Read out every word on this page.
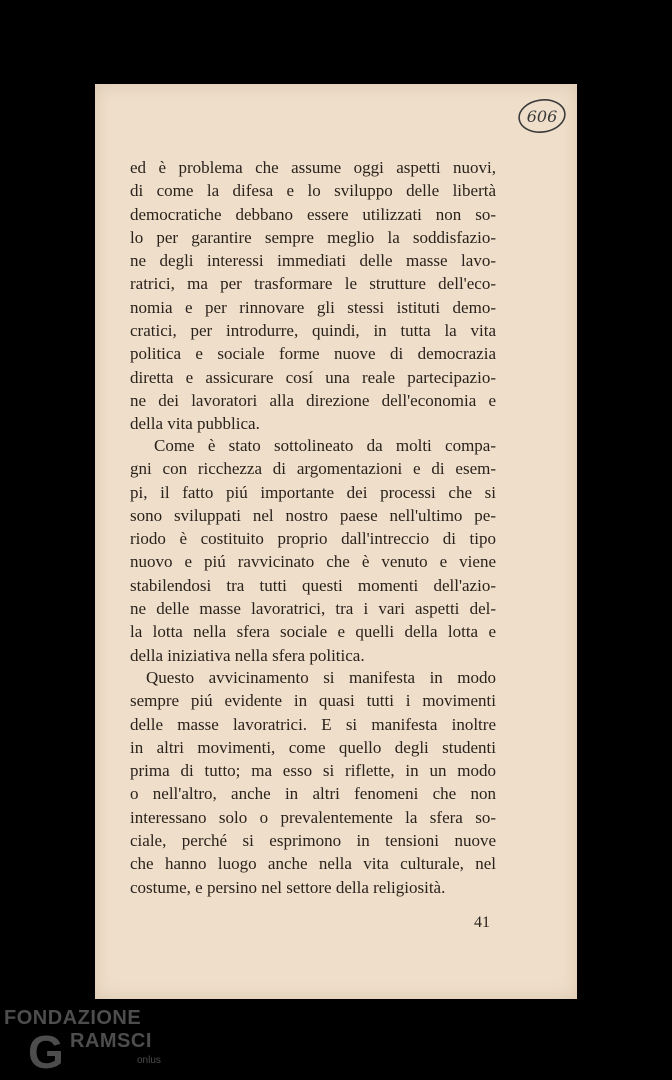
606
ed è problema che assume oggi aspetti nuovi,
di come la difesa e lo sviluppo delle libertà
democratiche debbano essere utilizzati non so-
lo per garantire sempre meglio la soddisfazio-
ne degli interessi immediati delle masse lavo-
ratrici, ma per trasformare le strutture dell'eco-
nomia e per rinnovare gli stessi istituti demo-
cratici, per introdurre, quindi, in tutta la vita
politica e sociale forme nuove di democrazia
diretta e assicurare cosí una reale partecipazio-
ne dei lavoratori alla direzione dell'economia e
della vita pubblica.
Come è stato sottolineato da molti compa-
gni con ricchezza di argomentazioni e di esem-
pi, il fatto piú importante dei processi che si
sono sviluppati nel nostro paese nell'ultimo pe-
riodo è costituito proprio dall'intreccio di tipo
nuovo e piú ravvicinato che è venuto e viene
stabilendosi tra tutti questi momenti dell'azio-
ne delle masse lavoratrici, tra i vari aspetti del-
la lotta nella sfera sociale e quelli della lotta e
della iniziativa nella sfera politica.
Questo avvicinamento si manifesta in modo
sempre piú evidente in quasi tutti i movimenti
delle masse lavoratrici. E si manifesta inoltre
in altri movimenti, come quello degli studenti
prima di tutto; ma esso si riflette, in un modo
o nell'altro, anche in altri fenomeni che non
interessano solo o prevalentemente la sfera so-
ciale, perché si esprimono in tensioni nuove
che hanno luogo anche nella vita culturale, nel
costume, e persino nel settore della religiosità.
41
FONDAZIONE
G RAMSCI
onlus
